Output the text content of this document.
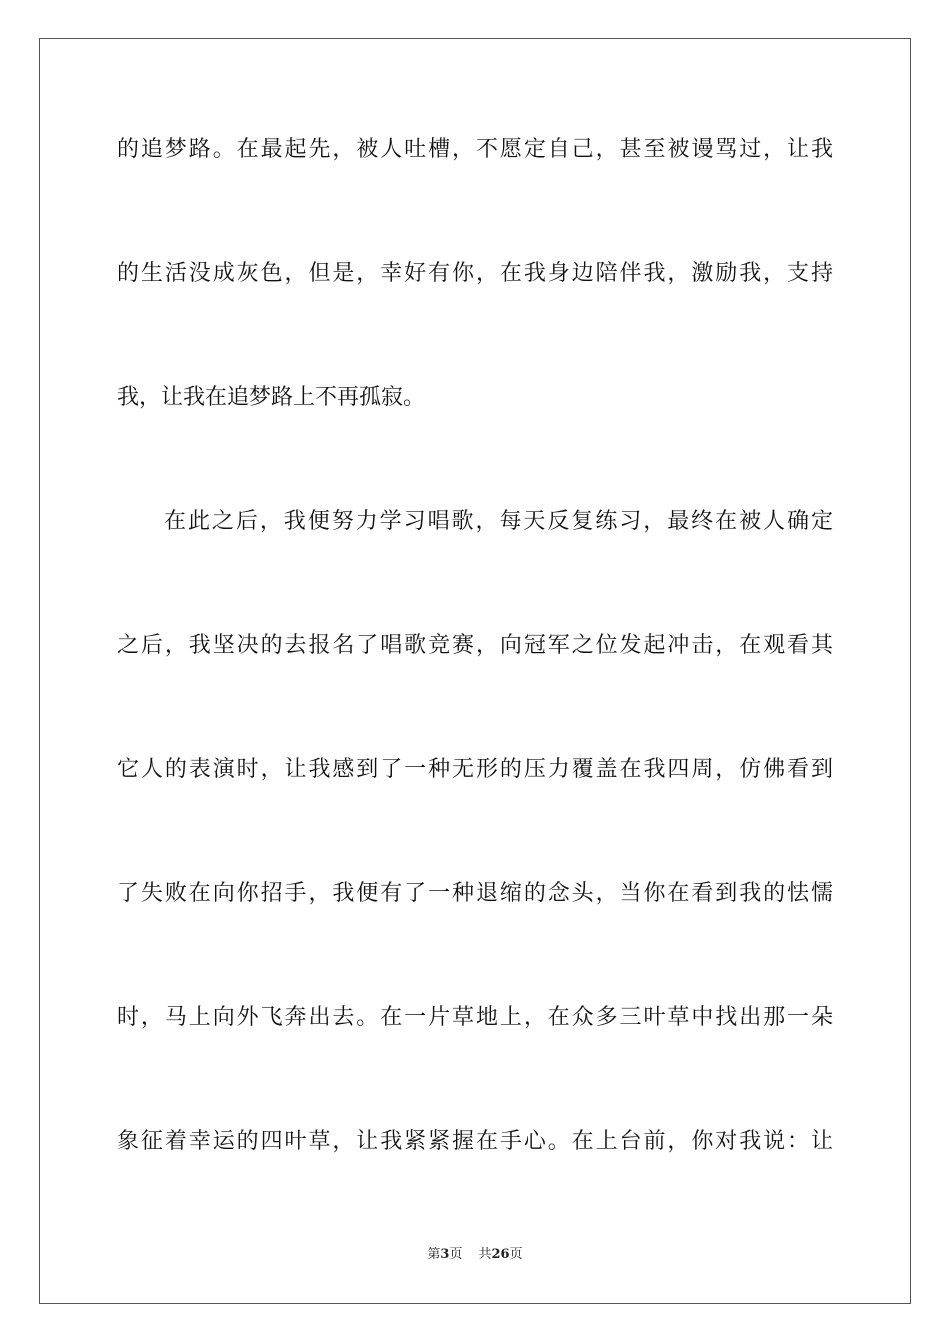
的追梦路。在最起先，被人吐槽，不愿定自己，甚至被谩骂过，让我
的生活没成灰色，但是，幸好有你，在我身边陪伴我，激励我，支持
我，让我在追梦路上不再孤寂。
在此之后，我便努力学习唱歌，每天反复练习，最终在被人确定
之后，我坚决的去报名了唱歌竞赛，向冠军之位发起冲击，在观看其
它人的表演时，让我感到了一种无形的压力覆盖在我四周，仿佛看到
了失败在向你招手，我便有了一种退缩的念头，当你在看到我的怯懦
时，马上向外飞奔出去。在一片草地上，在众多三叶草中找出那一朵
象征着幸运的四叶草，让我紧紧握在手心。在上台前，你对我说：让
第3页 共26页
